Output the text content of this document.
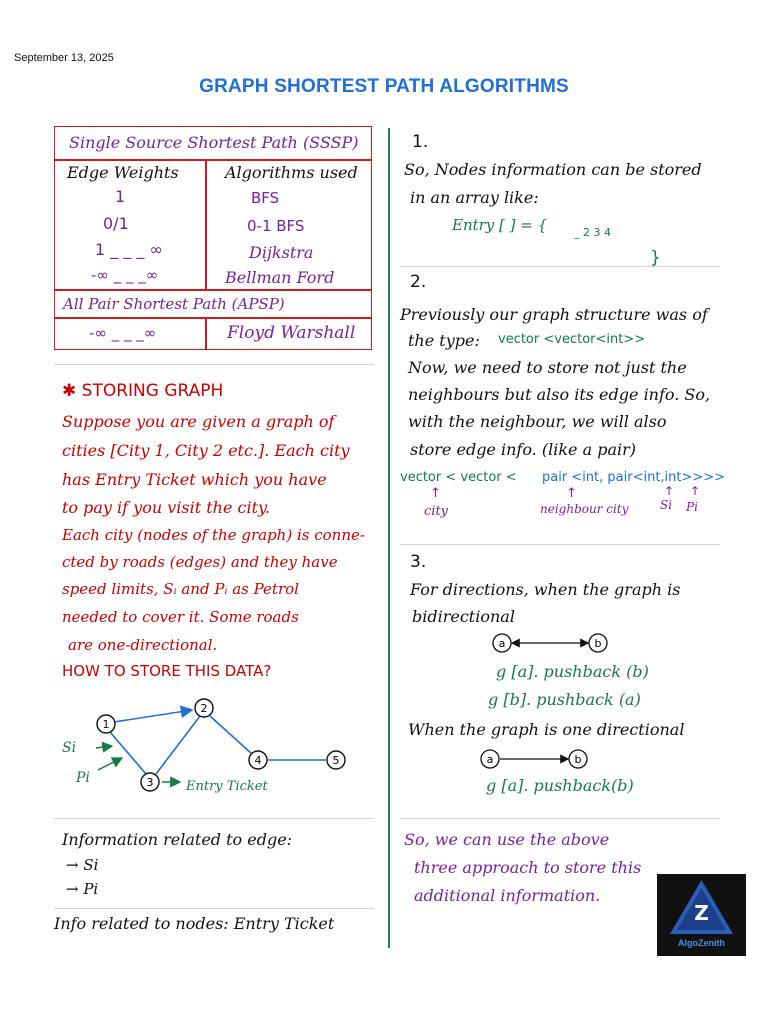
September 13, 2025
GRAPH SHORTEST PATH ALGORITHMS
Single Source Shortest Path (SSSP)
Edge Weights	Algorithms used
1	BFS
0/1	0-1 BFS
1 _ _ _ ∞	Dijkstra
-∞ _ _ _∞	Bellman Ford
All Pair Shortest Path (APSP)
-∞ _ _ _∞	Floyd Warshall
✱ STORING GRAPH
Suppose you are given a graph of
cities [City 1, City 2 etc.]. Each city
has Entry Ticket which you have
to pay if you visit the city.
Each city (nodes of the graph) is conne-
cted by roads (edges) and they have
speed limits, Sᵢ and Pᵢ as Petrol
needed to cover it. Some roads
are one-directional.
HOW TO STORE THIS DATA?
1
2
3
4	5
Si
Pi
Entry Ticket
Information related to edge:
→ Si
→ Pi
Info related to nodes: Entry Ticket
1.
So, Nodes information can be stored
in an array like:
Entry [ ] = { _ 2 3 4
}
2.
Previously our graph structure was of
the type: vector <vector<int>>
Now, we need to store not just the
neighbours but also its edge info. So,
with the neighbour, we will also
store edge info. (like a pair)
vector < vector < pair <int, pair<int,int>>>>
↑	↑	↑ ↑
city	neighbour city	Si Pi
3.
For directions, when the graph is
bidirectional
a	b
g [a]. pushback (b)
g [b]. pushback (a)
When the graph is one directional
a	b
g [a]. pushback(b)
So, we can use the above
three approach to store this
additional information.
Z
AlgoZenith
